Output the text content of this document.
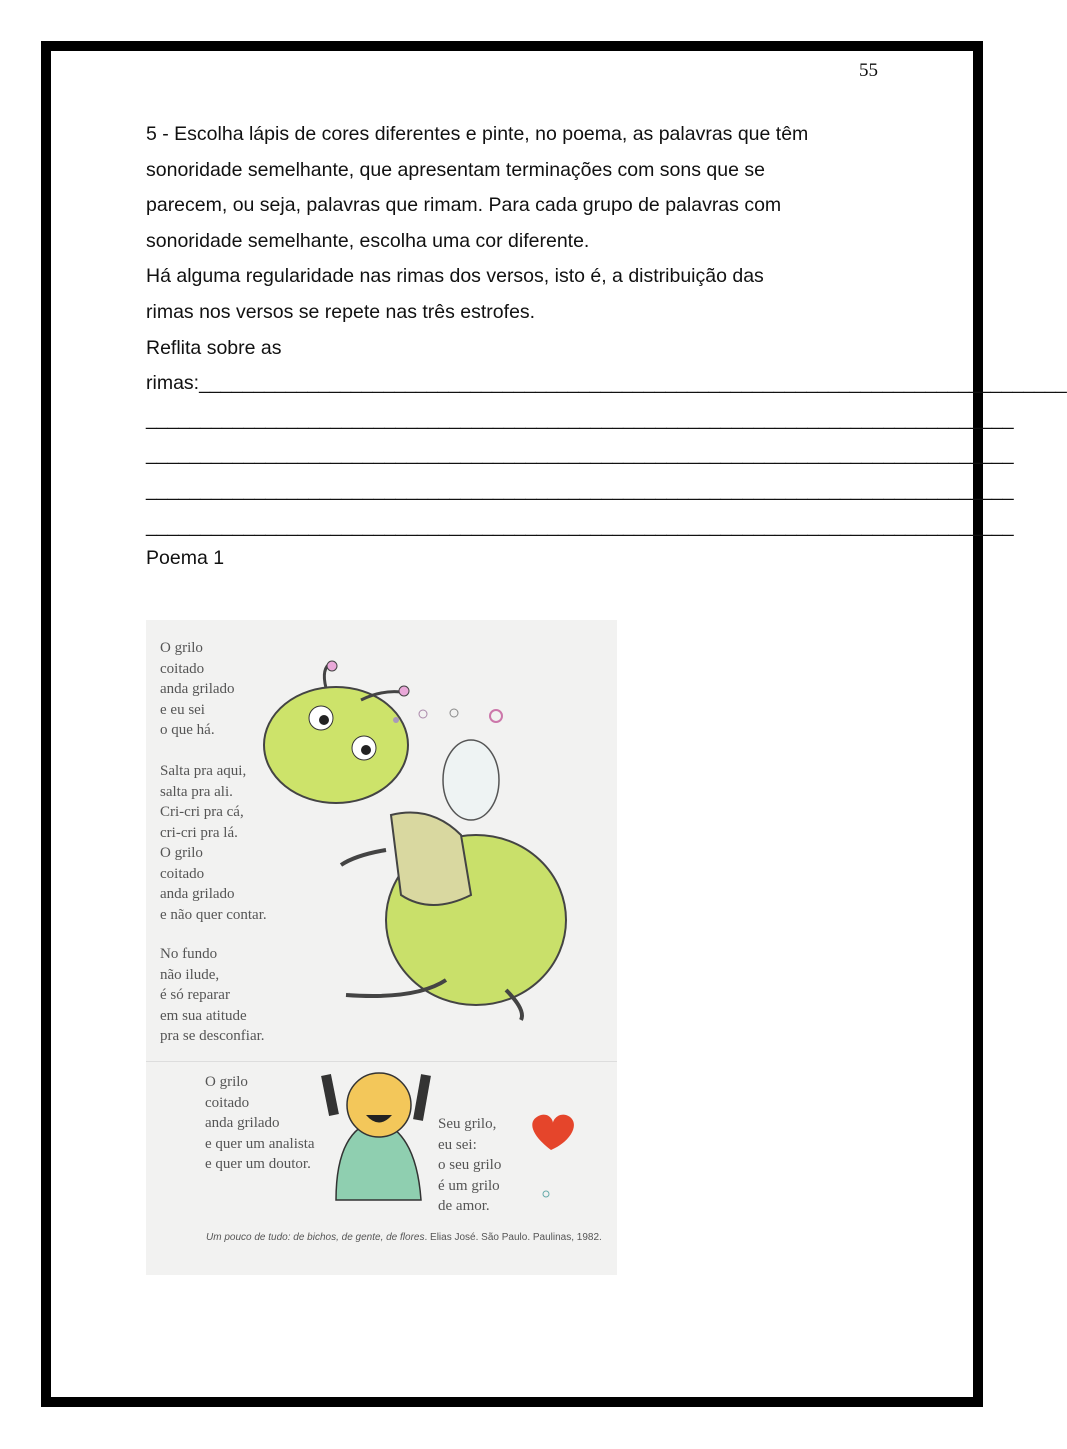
55

5 - Escolha lápis de cores diferentes e pinte, no poema, as palavras que têm

sonoridade semelhante, que apresentam terminações com sons que se

parecem, ou seja, palavras que rimam. Para cada grupo de palavras com

sonoridade semelhante, escolha uma cor diferente.

Há alguma regularidade nas rimas dos versos, isto é, a distribuição das

rimas nos versos se repete nas três estrofes.

Reflita sobre as

rimas:________________________________________________________________________________
________________________________________________________________________________
________________________________________________________________________________
________________________________________________________________________________
________________________________________________________________________________
Poema 1
O grilo
coitado
anda grilado
e eu sei
o que há.
Salta pra aqui,
salta pra ali.
Cri-cri pra cá,
cri-cri pra lá.
O grilo
coitado
anda grilado
e não quer contar.
No fundo
não ilude,
é só reparar
em sua atitude
pra se desconfiar.
O grilo
coitado
anda grilado
e quer um analista
e quer um doutor.
Seu grilo,
eu sei:
o seu grilo
é um grilo
de amor.
Um pouco de tudo: de bichos, de gente, de flores. Elias José. São Paulo. Paulinas, 1982.
